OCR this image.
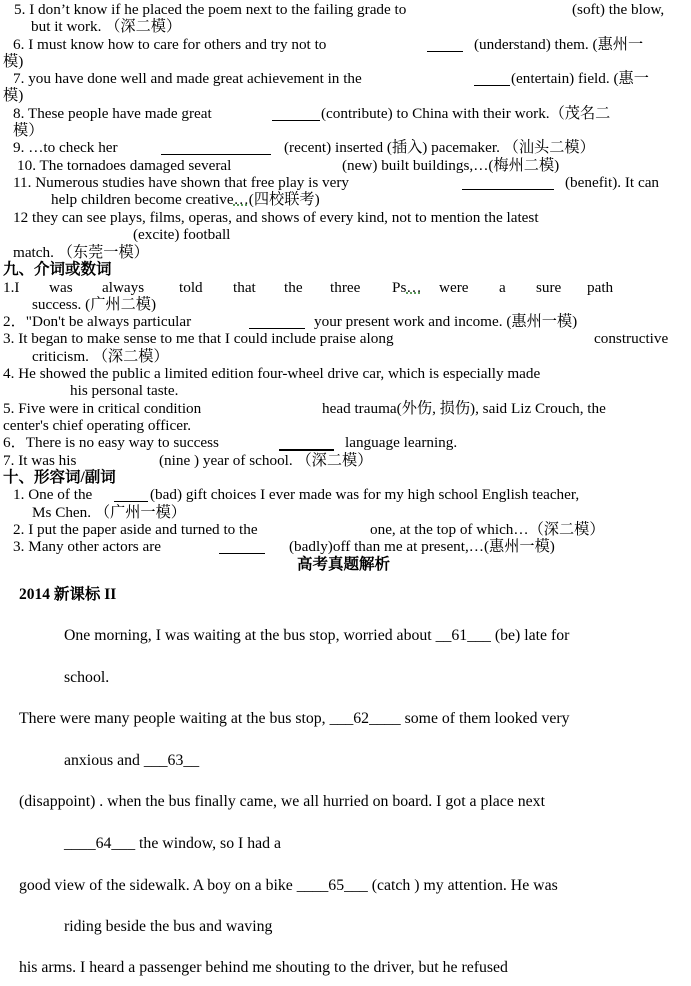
5. I don’t know if he placed the poem next to the failing grade to	(soft) the blow,
but it work. （深二模）
6. I must know how to care for others and try not to	(understand) them. (惠州一
模)
7. you have done well and made great achievement in the	(entertain) field. (惠一
模)
8. These people have made great	(contribute) to China with their work.（茂名二
模）
9. …to check her	(recent) inserted (插入) pacemaker. （汕头二模）
10. The tornadoes damaged several	(new) built buildings,…(梅州二模)
11. Numerous studies have shown that free play is very	(benefit). It can
help children become creative…(四校联考)
12 they can see plays, films, operas, and shows of every kind, not to mention the latest
(excite) football
match. （东莞一模）
九、介词或数词
1.I was always told that the three Ps… were a sure path
success. (广州二模)
2．"Don't be always particular	your present work and income. (惠州一模)
3. It began to make sense to me that I could include praise along	constructive
criticism. （深二模）
4. He showed the public a limited edition four-wheel drive car, which is especially made
his personal taste.
5. Five were in critical condition	head trauma(外伤, 损伤), said Liz Crouch, the
center's chief operating officer.
6．There is no easy way to success	language learning.
7. It was his	(nine ) year of school. （深二模）
十、形容词/副词
1. One of the	(bad) gift choices I ever made was for my high school English teacher,
Ms Chen. （广州一模）
2. I put the paper aside and turned to the	one, at the top of which…（深二模）
3. Many other actors are	(badly)off than me at present,…(惠州一模)
高考真题解析
2014 新课标 II
One morning, I was waiting at the bus stop, worried about __61___ (be) late for
school.
There were many people waiting at the bus stop, ___62____ some of them looked very
anxious and ___63__
(disappoint) . when the bus finally came, we all hurried on board. I got a place next
____64___ the window, so I had a
good view of the sidewalk. A boy on a bike ____65___ (catch ) my attention. He was
riding beside the bus and waving
his arms. I heard a passenger behind me shouting to the driver, but he refused
